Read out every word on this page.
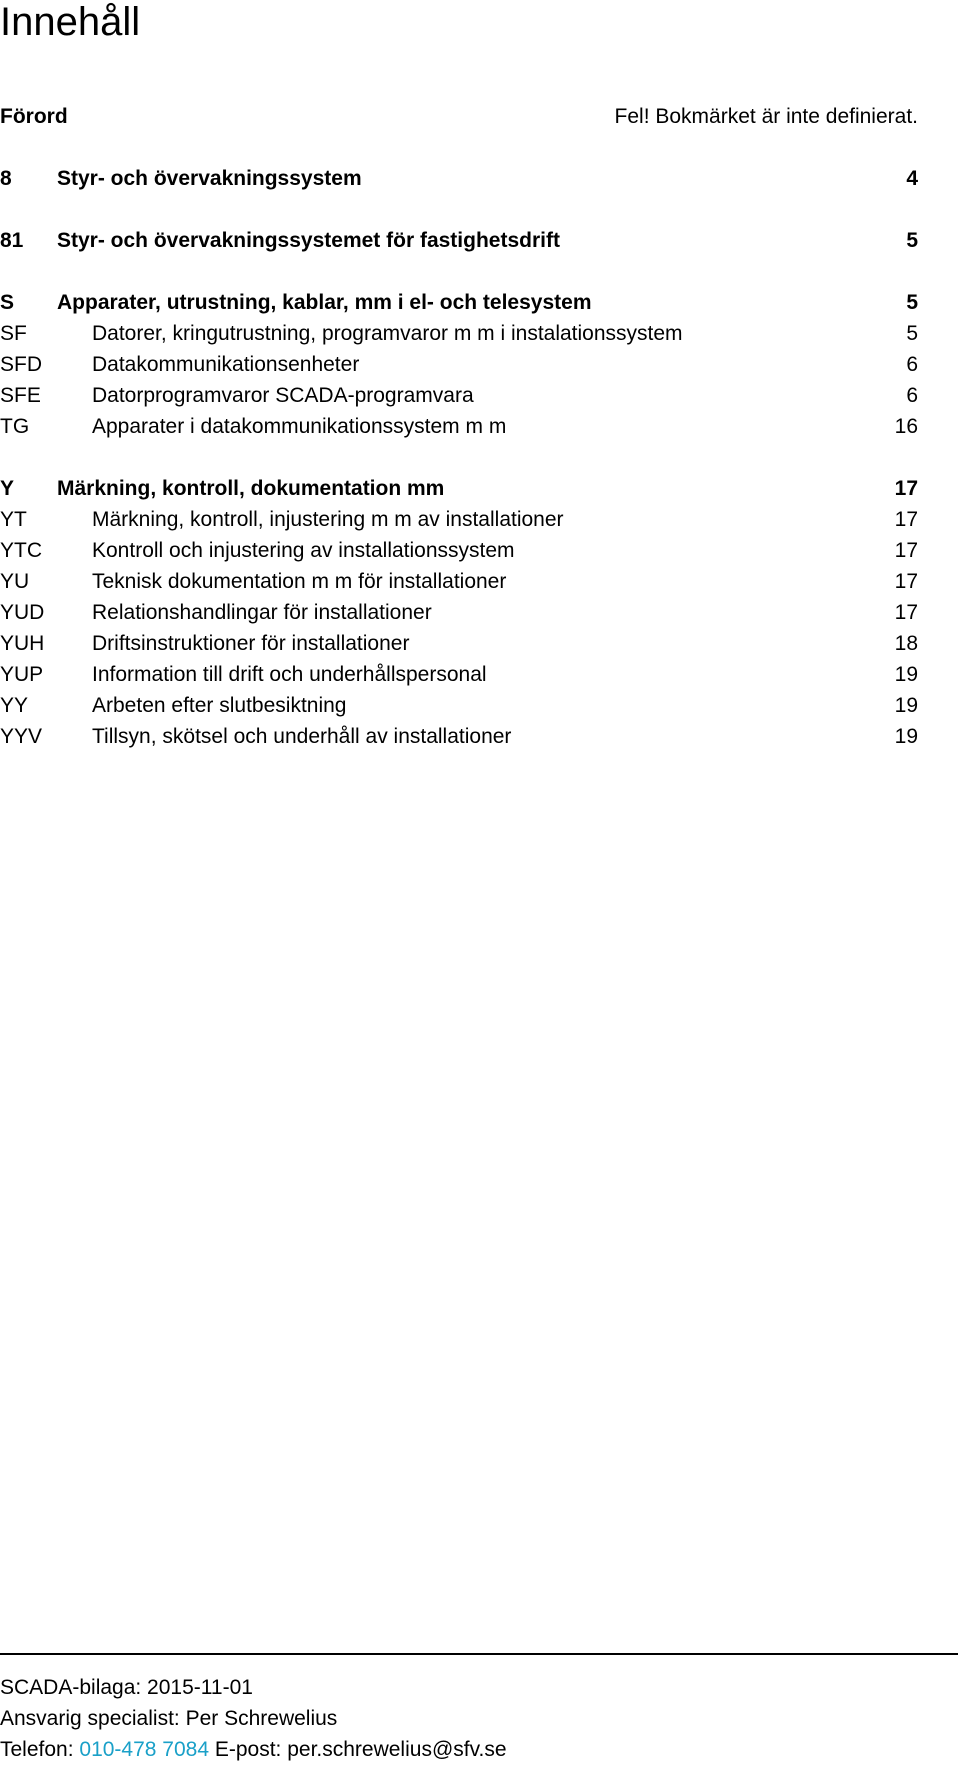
Innehåll
Förord	Fel! Bokmärket är inte definierat.
8 Styr- och övervakningssystem	4
81 Styr- och övervakningssystemet för fastighetsdrift	5
S Apparater, utrustning, kablar, mm i el- och telesystem	5
SF	Datorer, kringutrustning, programvaror m m i instalationssystem	5
SFD Datakommunikationsenheter	6
SFE Datorprogramvaror SCADA-programvara	6
TG	Apparater i datakommunikationssystem m m	16
Y Märkning, kontroll, dokumentation mm	17
YT	Märkning, kontroll, injustering m m av installationer	17
YTC Kontroll och injustering av installationssystem	17
YU	Teknisk dokumentation m m för installationer	17
YUD Relationshandlingar för installationer	17
YUH Driftsinstruktioner för installationer	18
YUP Information till drift och underhållspersonal	19
YY	Arbeten efter slutbesiktning	19
YYV Tillsyn, skötsel och underhåll av installationer	19
SCADA-bilaga: 2015-11-01
Ansvarig specialist: Per Schrewelius
Telefon: 010-478 7084 E-post: per.schrewelius@sfv.se
